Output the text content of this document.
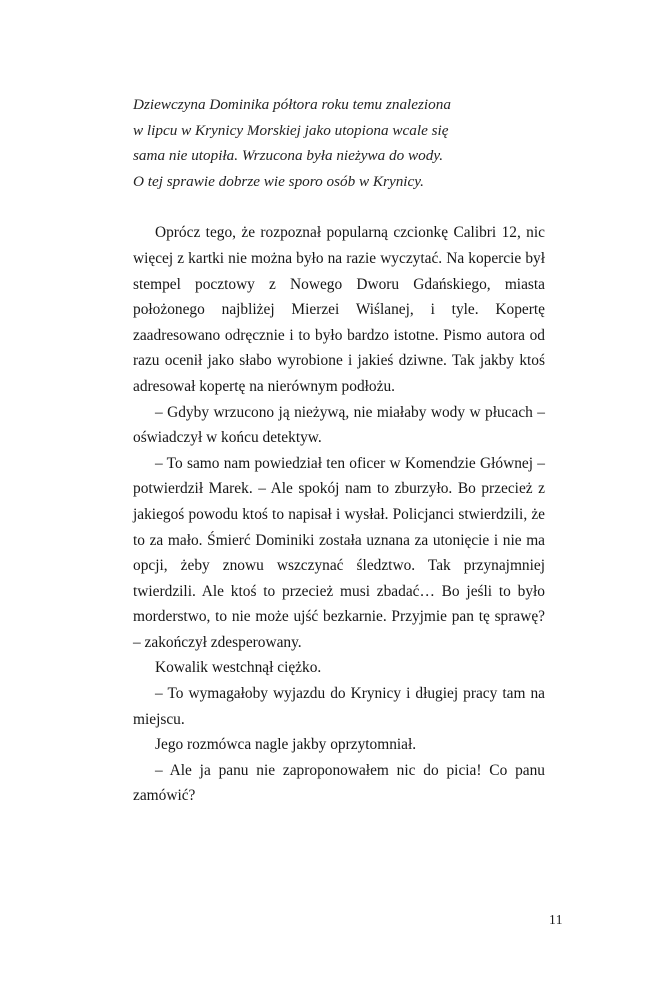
Dziewczyna Dominika półtora roku temu znaleziona

w lipcu w Krynicy Morskiej jako utopiona wcale się

sama nie utopiła. Wrzucona była nieżywa do wody.

O tej sprawie dobrze wie sporo osób w Krynicy.

Oprócz tego, że rozpoznał popularną czcionkę Calibri 12, nic więcej z kartki nie można było na razie wyczytać. Na kopercie był stempel pocztowy z Nowego Dworu Gdańskiego, miasta położonego najbliżej Mierzei Wiślanej, i tyle. Kopertę zaadresowano odręcznie i to było bardzo istotne. Pismo autora od razu ocenił jako słabo wyrobione i jakieś dziwne. Tak jakby ktoś adresował kopertę na nierównym podłożu.

– Gdyby wrzucono ją nieżywą, nie miałaby wody w płucach – oświadczył w końcu detektyw.

– To samo nam powiedział ten oficer w Komendzie Głównej – potwierdził Marek. – Ale spokój nam to zburzyło. Bo przecież z jakiegoś powodu ktoś to napisał i wysłał. Policjanci stwierdzili, że to za mało. Śmierć Dominiki została uznana za utonięcie i nie ma opcji, żeby znowu wszczynać śledztwo. Tak przynajmniej twierdzili. Ale ktoś to przecież musi zbadać… Bo jeśli to było morderstwo, to nie może ujść bezkarnie. Przyjmie pan tę sprawę? – zakończył zdesperowany.

Kowalik westchnął ciężko.

– To wymagałoby wyjazdu do Krynicy i długiej pracy tam na miejscu.

Jego rozmówca nagle jakby oprzytomniał.

– Ale ja panu nie zaproponowałem nic do picia! Co panu zamówić?

11
